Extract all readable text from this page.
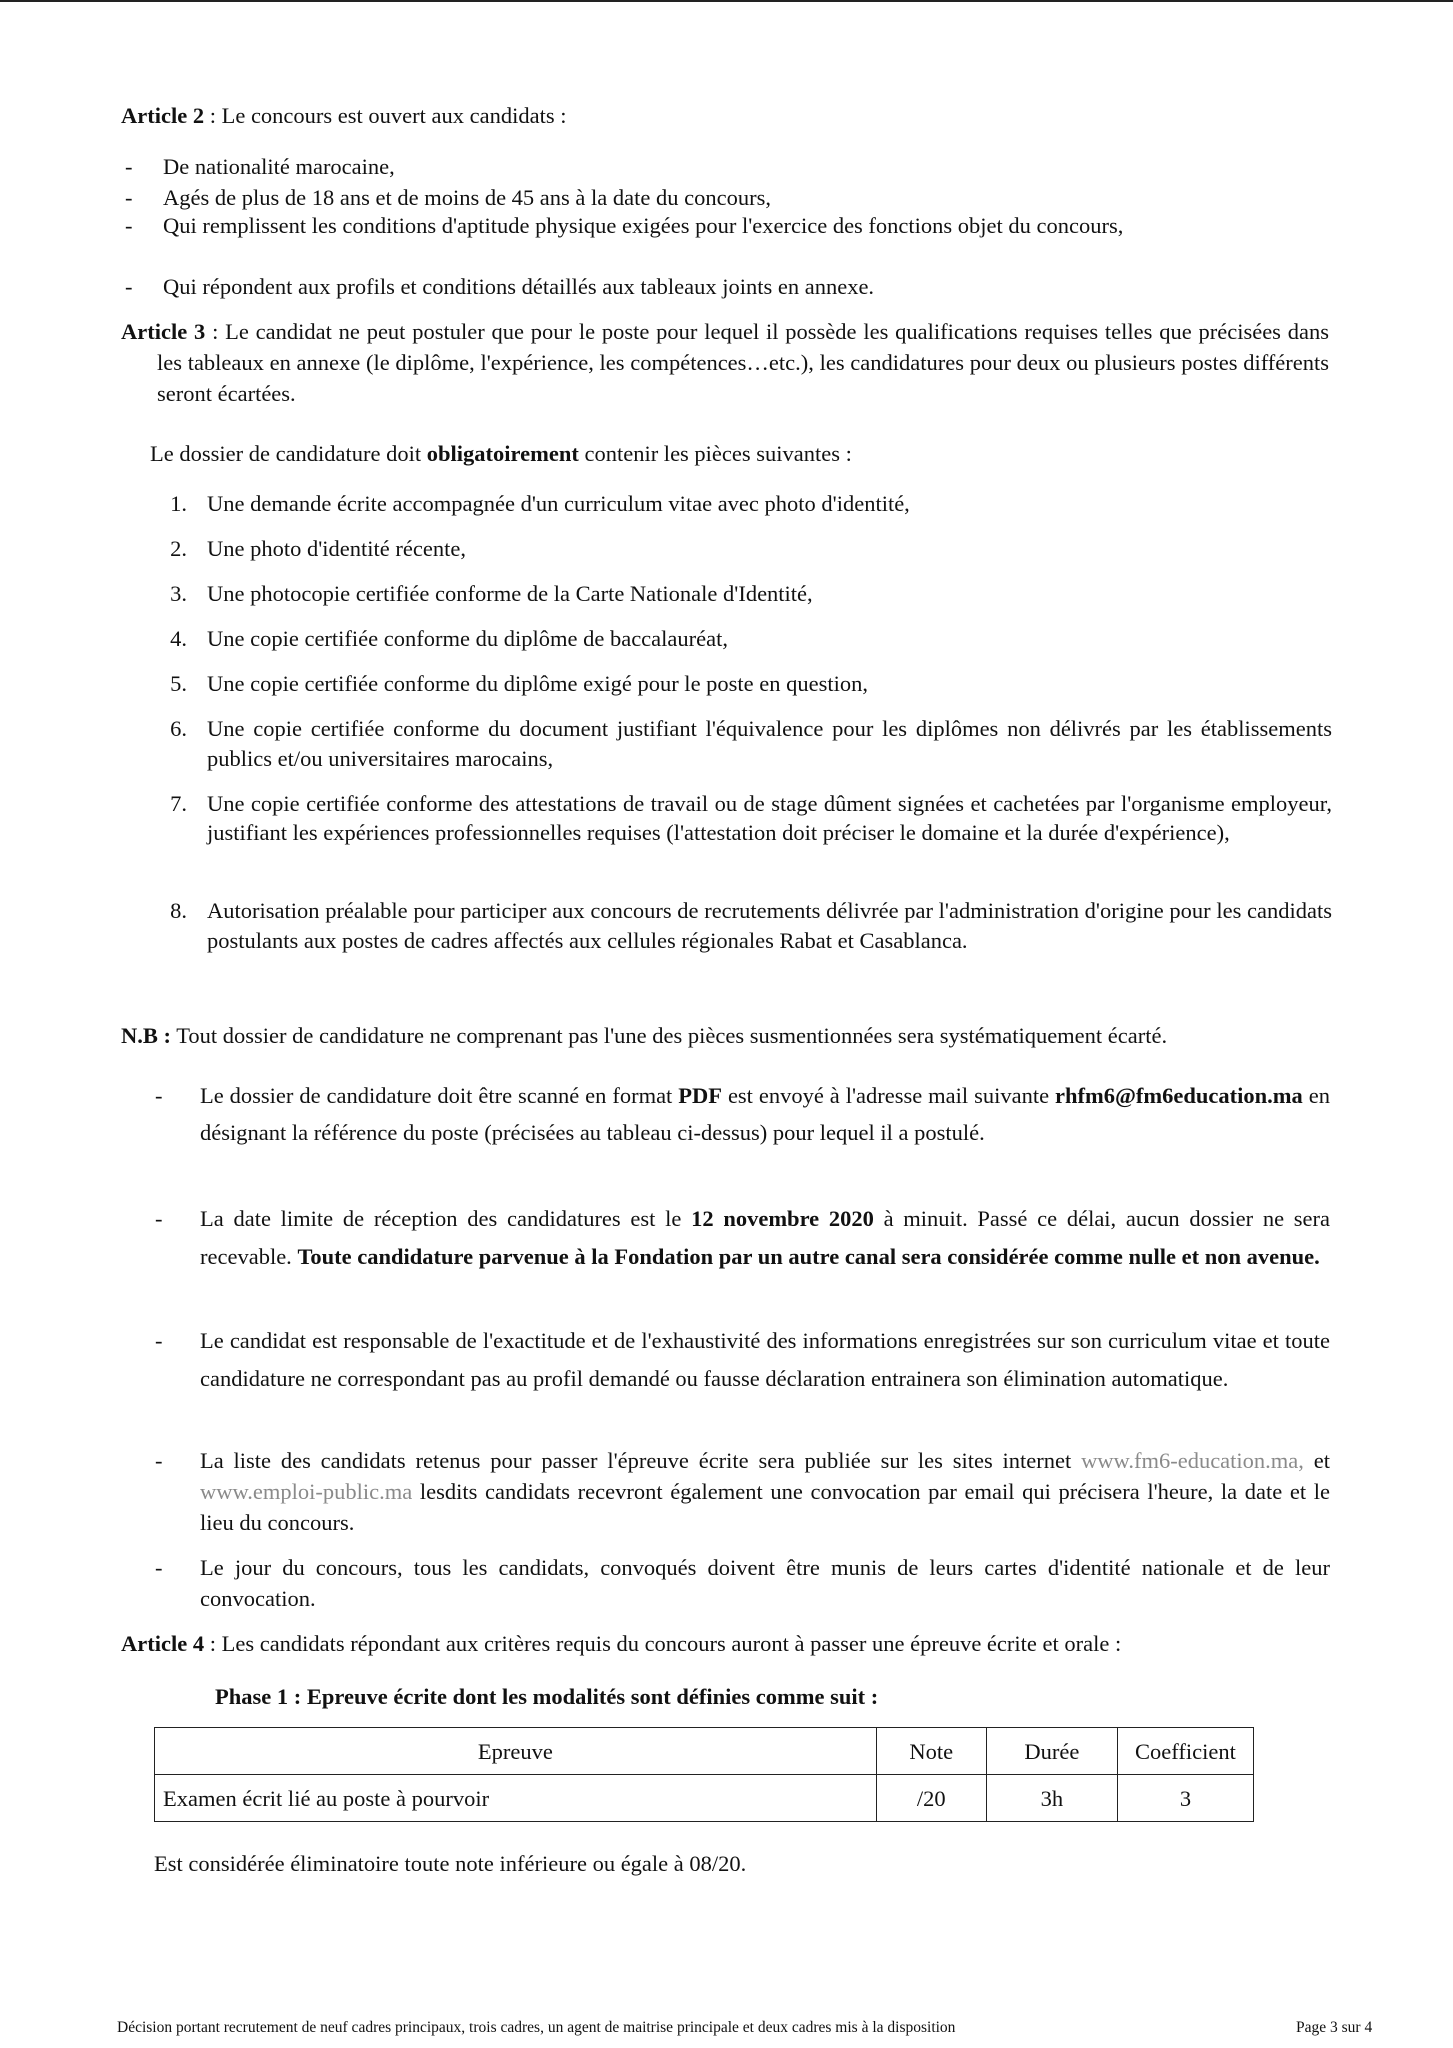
Article 2 : Le concours est ouvert aux candidats :

- De nationalité marocaine,
- Agés de plus de 18 ans et de moins de 45 ans à la date du concours,
- Qui remplissent les conditions d'aptitude physique exigées pour l'exercice des fonctions objet du concours,
- Qui répondent aux profils et conditions détaillés aux tableaux joints en annexe.

Article 3 : Le candidat ne peut postuler que pour le poste pour lequel il possède les qualifications requises telles que précisées dans les tableaux en annexe (le diplôme, l'expérience, les compétences…etc.), les candidatures pour deux ou plusieurs postes différents seront écartées.

Le dossier de candidature doit obligatoirement contenir les pièces suivantes :

1. Une demande écrite accompagnée d'un curriculum vitae avec photo d'identité,
2. Une photo d'identité récente,
3. Une photocopie certifiée conforme de la Carte Nationale d'Identité,
4. Une copie certifiée conforme du diplôme de baccalauréat,
5. Une copie certifiée conforme du diplôme exigé pour le poste en question,
6. Une copie certifiée conforme du document justifiant l'équivalence pour les diplômes non délivrés par les établissements publics et/ou universitaires marocains,
7. Une copie certifiée conforme des attestations de travail ou de stage dûment signées et cachetées par l'organisme employeur, justifiant les expériences professionnelles requises (l'attestation doit préciser le domaine et la durée d'expérience),
8. Autorisation préalable pour participer aux concours de recrutements délivrée par l'administration d'origine pour les candidats postulants aux postes de cadres affectés aux cellules régionales Rabat et Casablanca.

N.B : Tout dossier de candidature ne comprenant pas l'une des pièces susmentionnées sera systématiquement écarté.

-	Le dossier de candidature doit être scanné en format PDF est envoyé à l'adresse mail suivante rhfm6@fm6education.ma en désignant la référence du poste (précisées au tableau ci-dessus) pour lequel il a postulé.
-	La date limite de réception des candidatures est le 12 novembre 2020 à minuit. Passé ce délai, aucun dossier ne sera recevable. Toute candidature parvenue à la Fondation par un autre canal sera considérée comme nulle et non avenue.
-	Le candidat est responsable de l'exactitude et de l'exhaustivité des informations enregistrées sur son curriculum vitae et toute candidature ne correspondant pas au profil demandé ou fausse déclaration entrainera son élimination automatique.
-	La liste des candidats retenus pour passer l'épreuve écrite sera publiée sur les sites internet www.fm6-education.ma, et www.emploi-public.ma lesdits candidats recevront également une convocation par email qui précisera l'heure, la date et le lieu du concours.
-	Le jour du concours, tous les candidats, convoqués doivent être munis de leurs cartes d'identité nationale et de leur convocation.

Article 4 : Les candidats répondant aux critères requis du concours auront à passer une épreuve écrite et orale :

Phase 1 : Epreuve écrite dont les modalités sont définies comme suit :

Epreuve	Note	Durée	Coefficient
Examen écrit lié au poste à pourvoir	/20	3h	3

Est considérée éliminatoire toute note inférieure ou égale à 08/20.

Décision portant recrutement de neuf cadres principaux, trois cadres, un agent de maitrise principale et deux cadres mis à la disposition	Page 3 sur 4
